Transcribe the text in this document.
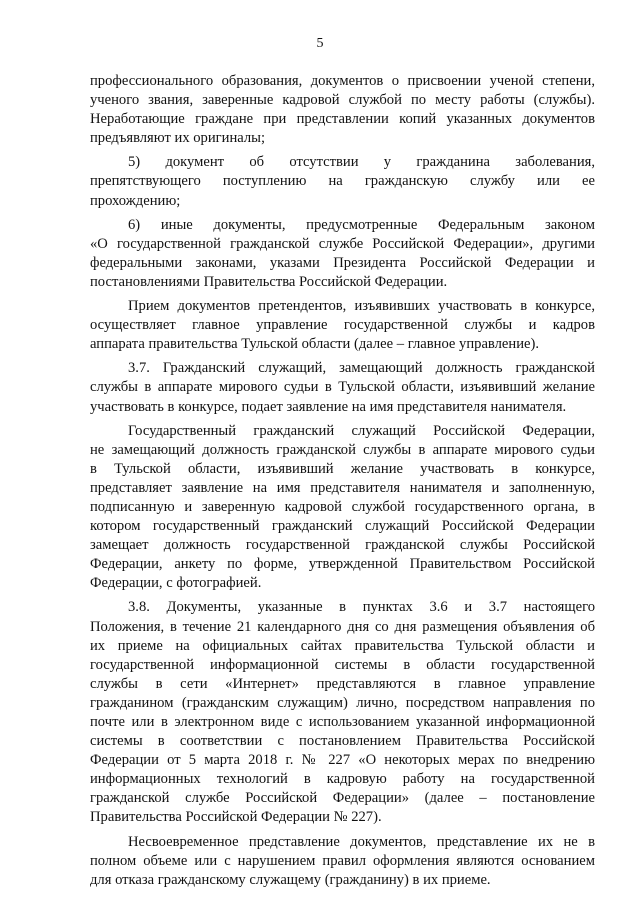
5
профессионального образования, документов о присвоении ученой степени,
ученого звания, заверенные кадровой службой по месту работы (службы).
Неработающие граждане при представлении копий указанных документов
предъявляют их оригиналы;
5) документ об отсутствии у гражданина заболевания,
препятствующего поступлению на гражданскую службу или ее
прохождению;
6) иные документы, предусмотренные Федеральным законом
«О государственной гражданской службе Российской Федерации», другими
федеральными законами, указами Президента Российской Федерации и
постановлениями Правительства Российской Федерации.
Прием документов претендентов, изъявивших участвовать в конкурсе,
осуществляет главное управление государственной службы и кадров
аппарата правительства Тульской области (далее – главное управление).
3.7. Гражданский служащий, замещающий должность гражданской
службы в аппарате мирового судьи в Тульской области, изъявивший желание
участвовать в конкурсе, подает заявление на имя представителя нанимателя.
Государственный гражданский служащий Российской Федерации,
не замещающий должность гражданской службы в аппарате мирового судьи
в Тульской области, изъявивший желание участвовать в конкурсе,
представляет заявление на имя представителя нанимателя и заполненную,
подписанную и заверенную кадровой службой государственного органа, в
котором государственный гражданский служащий Российской Федерации
замещает должность государственной гражданской службы Российской
Федерации, анкету по форме, утвержденной Правительством Российской
Федерации, с фотографией.
3.8. Документы, указанные в пунктах 3.6 и 3.7 настоящего
Положения, в течение 21 календарного дня со дня размещения объявления об
их приеме на официальных сайтах правительства Тульской области и
государственной информационной системы в области государственной
службы в сети «Интернет» представляются в главное управление
гражданином (гражданским служащим) лично, посредством направления по
почте или в электронном виде с использованием указанной информационной
системы в соответствии с постановлением Правительства Российской
Федерации от 5 марта 2018 г. № 227 «О некоторых мерах по внедрению
информационных технологий в кадровую работу на государственной
гражданской службе Российской Федерации» (далее – постановление
Правительства Российской Федерации № 227).
Несвоевременное представление документов, представление их не в
полном объеме или с нарушением правил оформления являются основанием
для отказа гражданскому служащему (гражданину) в их приеме.
